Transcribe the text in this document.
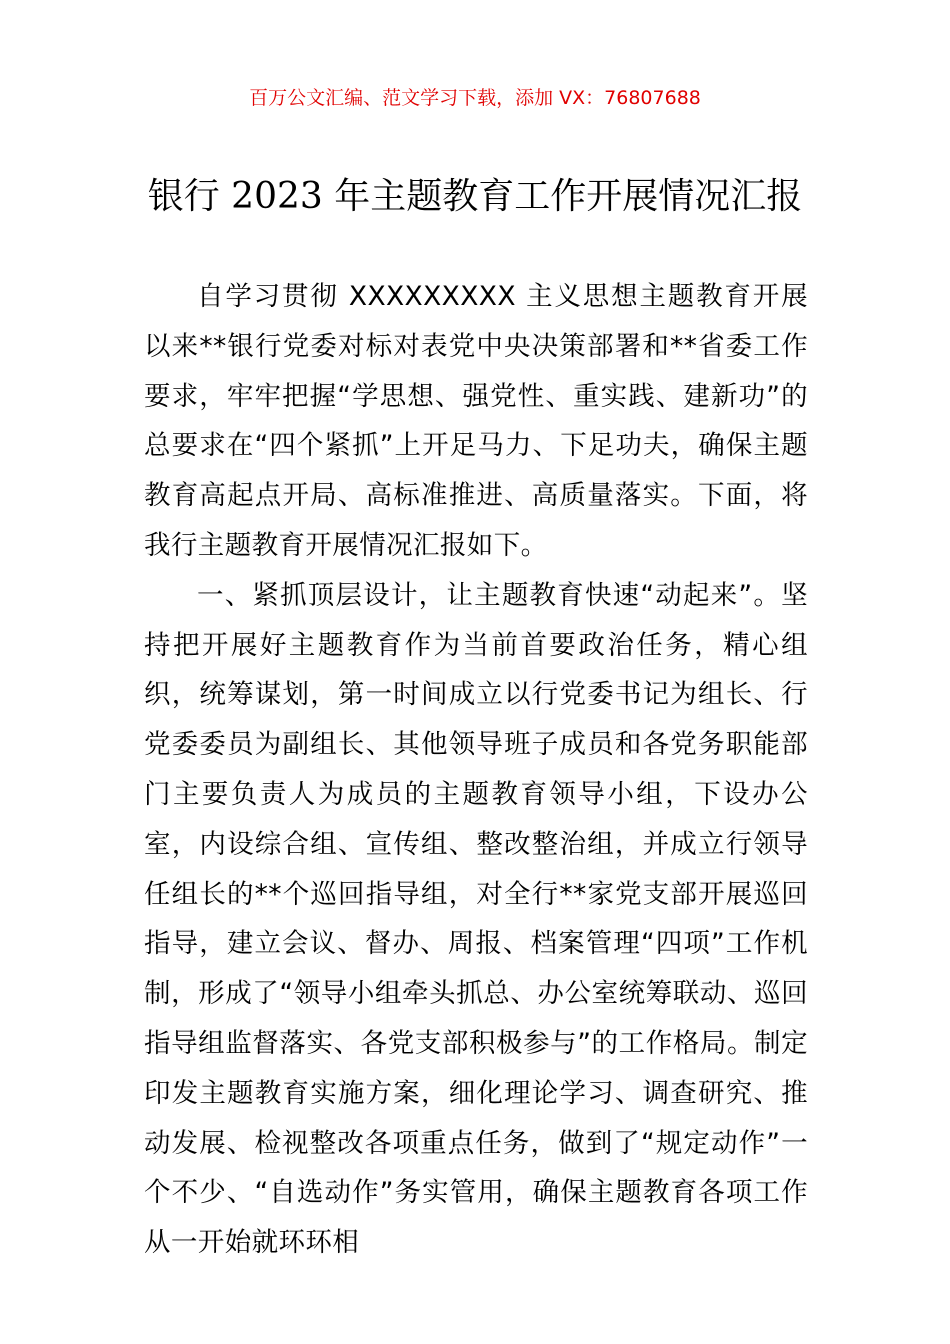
百万公文汇编、范文学习下载，添加 VX：76807688
银行 2023 年主题教育工作开展情况汇报

自学习贯彻 XXXXXXXXX 主义思想主题教育开展以来**银行党委对标对表党中央决策部署和**省委工作要求，牢牢把握“学思想、强党性、重实践、建新功”的总要求在“四个紧抓”上开足马力、下足功夫，确保主题教育高起点开局、高标准推进、高质量落实。下面，将我行主题教育开展情况汇报如下。

一、紧抓顶层设计，让主题教育快速“动起来”。坚持把开展好主题教育作为当前首要政治任务，精心组织，统筹谋划，第一时间成立以行党委书记为组长、行党委委员为副组长、其他领导班子成员和各党务职能部门主要负责人为成员的主题教育领导小组，下设办公室，内设综合组、宣传组、整改整治组，并成立行领导任组长的**个巡回指导组，对全行**家党支部开展巡回指导，建立会议、督办、周报、档案管理“四项”工作机制，形成了“领导小组牵头抓总、办公室统筹联动、巡回指导组监督落实、各党支部积极参与”的工作格局。制定印发主题教育实施方案，细化理论学习、调查研究、推动发展、检视整改各项重点任务，做到了“规定动作”一个不少、“自选动作”务实管用，确保主题教育各项工作从一开始就环环相
